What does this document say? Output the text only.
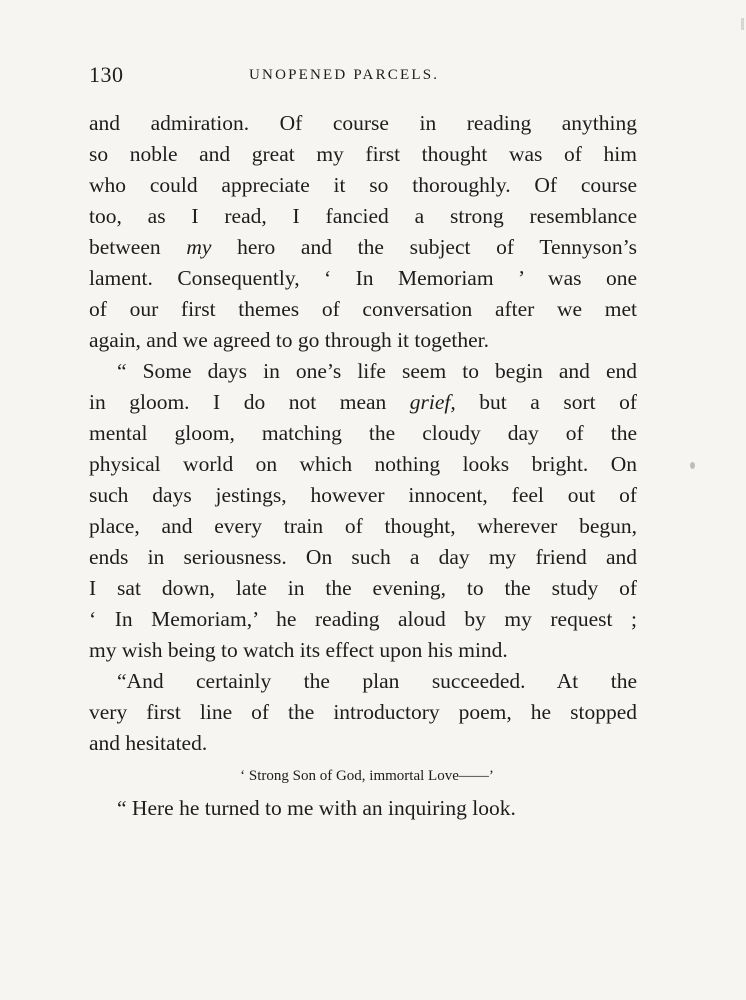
130	UNOPENED PARCELS.
and admiration. Of course in reading anything
so noble and great my first thought was of him
who could appreciate it so thoroughly. Of course
too, as I read, I fancied a strong resemblance
between my hero and the subject of Tennyson’s
lament. Consequently, ‘ In Memoriam ’ was one
of our first themes of conversation after we met
again, and we agreed to go through it together.
“ Some days in one’s life seem to begin and end
in gloom. I do not mean grief, but a sort of
mental gloom, matching the cloudy day of the
physical world on which nothing looks bright. On
such days jestings, however innocent, feel out of
place, and every train of thought, wherever begun,
ends in seriousness. On such a day my friend and
I sat down, late in the evening, to the study of
‘ In Memoriam,’ he reading aloud by my request ;
my wish being to watch its effect upon his mind.
“And certainly the plan succeeded. At the
very first line of the introductory poem, he stopped
and hesitated.
‘ Strong Son of God, immortal Love——’
“ Here he turned to me with an inquiring look.
